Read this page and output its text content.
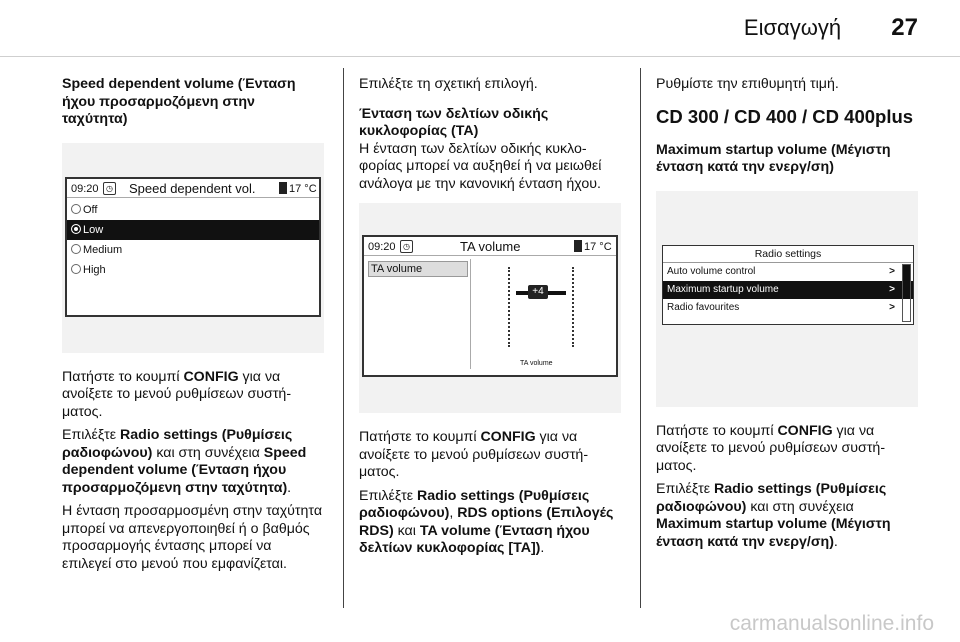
Εισαγωγή 27

Speed dependent volume (Ένταση ήχου προσαρμοζόμενη στην ταχύτητα)

09:20 ◷ Speed dependent vol.	17 °C
Off
Low
Medium
High

Πατήστε το κουμπί CONFIG για να ανοίξετε το μενού ρυθμίσεων συστήματος.

Επιλέξτε Radio settings (Ρυθμίσεις ραδιοφώνου) και στη συνέχεια Speed dependent volume (Ένταση ήχου προσαρμοζόμενη στην ταχύτητα).

Η ένταση προσαρμοσμένη στην ταχύτητα μπορεί να απενεργοποιηθεί ή ο βαθμός προσαρμογής έντασης μπορεί να επιλεγεί στο μενού που εμφανίζεται.

Επιλέξτε τη σχετική επιλογή.

Ένταση των δελτίων οδικής κυκλοφορίας (TA)

Η ένταση των δελτίων οδικής κυκλοφορίας μπορεί να αυξηθεί ή να μειωθεί ανάλογα με την κανονική ένταση ήχου.

09:20 ◷	TA volume	17 °C
TA volume
+4
TA volume

Πατήστε το κουμπί CONFIG για να ανοίξετε το μενού ρυθμίσεων συστήματος.

Επιλέξτε Radio settings (Ρυθμίσεις ραδιοφώνου), RDS options (Επιλογές RDS) και TA volume (Ένταση ήχου δελτίων κυκλοφορίας [TA]).

Ρυθμίστε την επιθυμητή τιμή.

CD 300 / CD 400 / CD 400plus

Maximum startup volume (Μέγιστη ένταση κατά την ενεργ/ση)

Radio settings
Auto volume control	>
Maximum startup volume	>
Radio favourites	>

Πατήστε το κουμπί CONFIG για να ανοίξετε το μενού ρυθμίσεων συστήματος.

Επιλέξτε Radio settings (Ρυθμίσεις ραδιοφώνου) και στη συνέχεια Maximum startup volume (Μέγιστη ένταση κατά την ενεργ/ση).

carmanualsonline.info
